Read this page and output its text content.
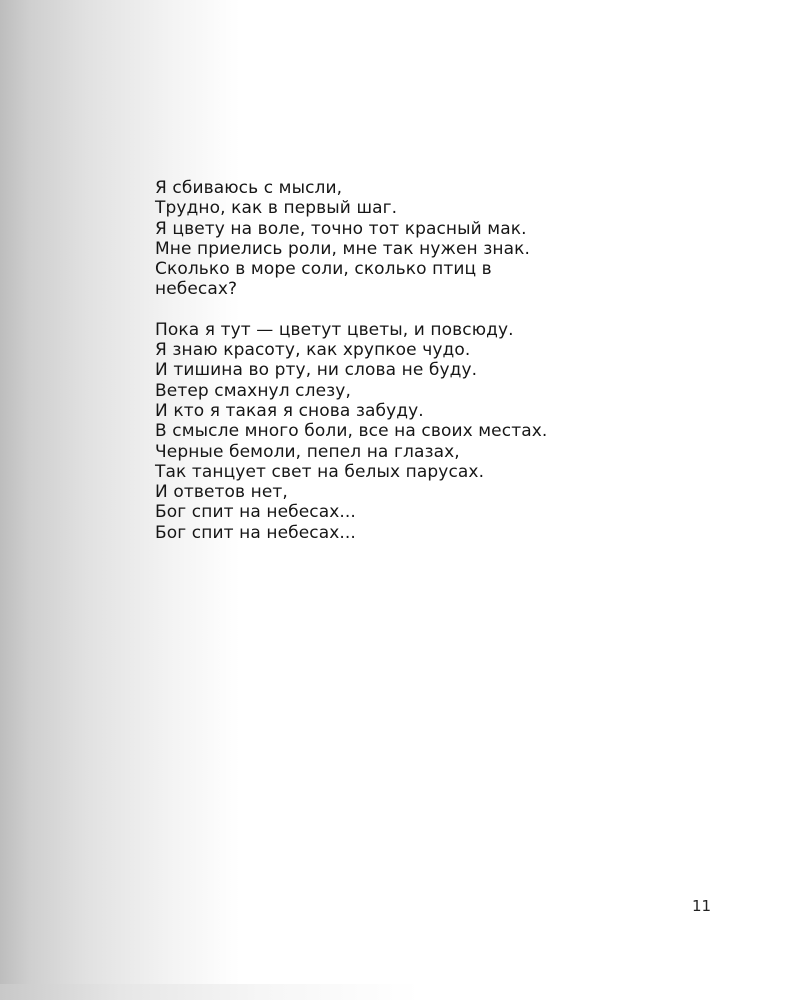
Я сбиваюсь с мысли,
Трудно, как в первый шаг.
Я цвету на воле, точно тот красный мак.
Мне приелись роли, мне так нужен знак.
Сколько в море соли, сколько птиц в
небесах?
Пока я тут — цветут цветы, и повсюду.
Я знаю красоту, как хрупкое чудо.
И тишина во рту, ни слова не буду.
Ветер смахнул слезу,
И кто я такая я снова забуду.
В смысле много боли, все на своих местах.
Черные бемоли, пепел на глазах,
Так танцует свет на белых парусах.
И ответов нет,
Бог спит на небесах...
Бог спит на небесах...
11
